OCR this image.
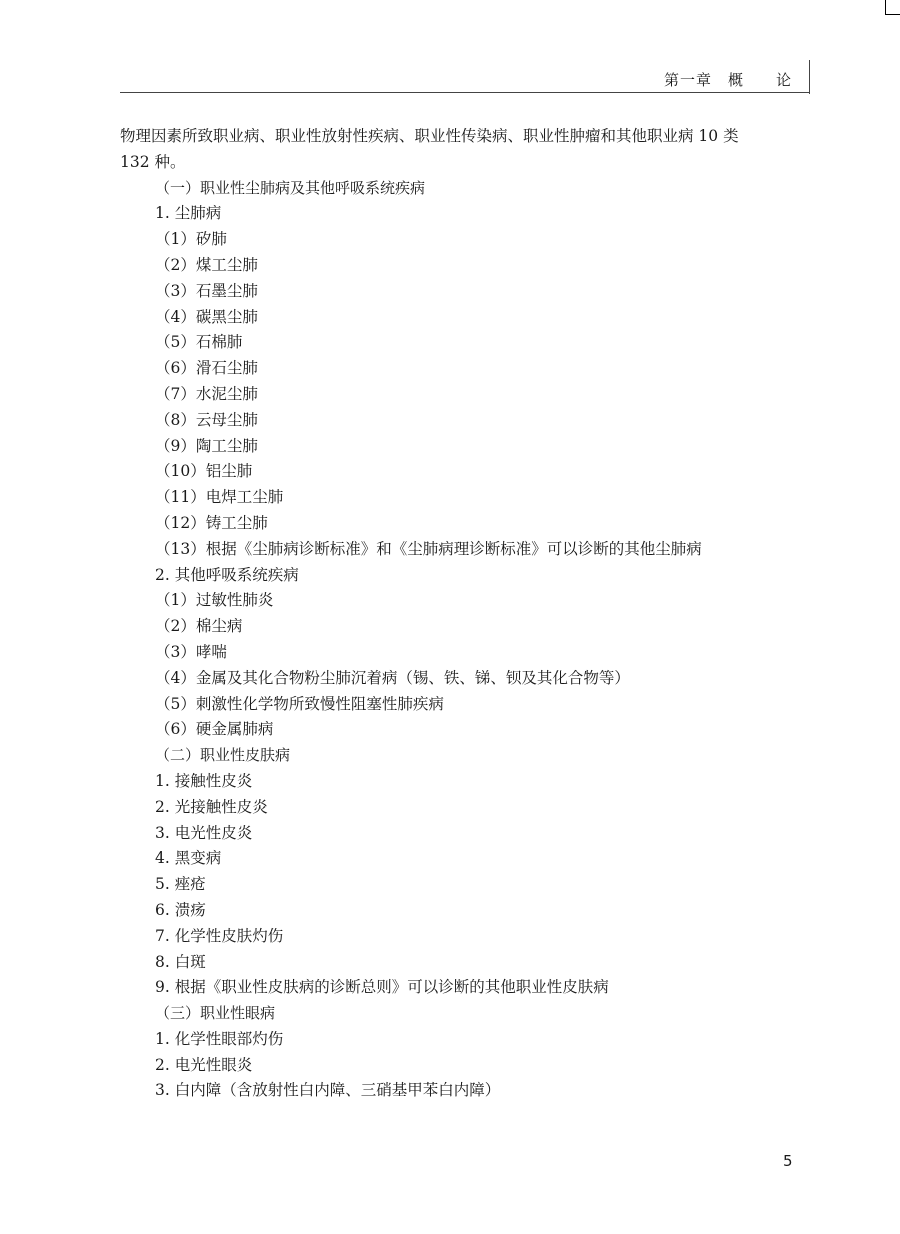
第一章　概　　论

物理因素所致职业病、职业性放射性疾病、职业性传染病、职业性肿瘤和其他职业病 10 类

132 种。

（一）职业性尘肺病及其他呼吸系统疾病

1. 尘肺病

（1）矽肺

（2）煤工尘肺

（3）石墨尘肺

（4）碳黑尘肺

（5）石棉肺

（6）滑石尘肺

（7）水泥尘肺

（8）云母尘肺

（9）陶工尘肺

（10）铝尘肺

（11）电焊工尘肺

（12）铸工尘肺

（13）根据《尘肺病诊断标准》和《尘肺病理诊断标准》可以诊断的其他尘肺病

2. 其他呼吸系统疾病

（1）过敏性肺炎

（2）棉尘病

（3）哮喘

（4）金属及其化合物粉尘肺沉着病（锡、铁、锑、钡及其化合物等）

（5）刺激性化学物所致慢性阻塞性肺疾病

（6）硬金属肺病

（二）职业性皮肤病

1. 接触性皮炎

2. 光接触性皮炎

3. 电光性皮炎

4. 黑变病

5. 痤疮

6. 溃疡

7. 化学性皮肤灼伤

8. 白斑

9. 根据《职业性皮肤病的诊断总则》可以诊断的其他职业性皮肤病

（三）职业性眼病

1. 化学性眼部灼伤

2. 电光性眼炎

3. 白内障（含放射性白内障、三硝基甲苯白内障）

5
